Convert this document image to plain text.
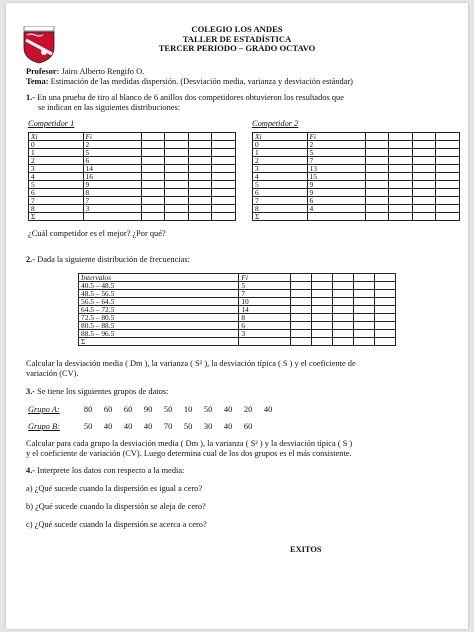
COLEGIO LOS ANDES
TALLER DE ESTADÍSTICA
TERCER PERIODO – GRADO OCTAVO
Profesor: Jairo Alberto Rengifo O.
Tema: Estimación de las medidas dispersión. (Desviación media, varianza y desviación estándar)
1.- En una prueba de tiro al blanco de 6 anillos dos competidores obtuvieron los resultados que
se indican en las siguientes distribuciones:
Competidor 1	Competidor 2
Xi	Fi				
0	2				
1	5				
2	6				
3	14				
4	16				
5	9				
6	8				
7	7				
8	3				
Σ					
Xi	Fi				
0	2				
1	5				
2	7				
3	13				
4	15				
5	9				
6	9				
7	6				
8	4				
Σ					
¿Cuál competidor es el mejor? ¿Por qué?
2.- Dada la siguiente distribución de frecuencias:
Intervalos	Fi					
40.5 – 48.5	5					
48.5 – 56.5	7					
56.5 – 64.5	10					
64.5 – 72.5	14					
72.5 – 80.5	8					
80.5 – 88.5	6					
88.5 – 96.5	3					
Σ						
Calcular la desviación media ( Dm ), la varianza ( S² ), la desviación típica ( S ) y el coeficiente de
variación (CV).
3.- Se tiene los siguientes grupos de datos:
Grupo A:	80 60 60 90 50 10 50 40 20 40
Grupo B:	50 40 40 40 70 50 30 40 60
Calcular para cada grupo la desviación media ( Dm ), la varianza ( S² ) y la desviación típica ( S )
y el coeficiente de variación (CV). Luego determina cual de los dos grupos es el más consistente.
4.- Interprete los datos con respecto a la media:
a) ¿Qué sucede cuando la dispersión es igual a cero?
b) ¿Qué sucede cuando la dispersión se aleja de cero?
c) ¿Qué sucede cuando la dispersión se acerca a cero?
EXITOS
